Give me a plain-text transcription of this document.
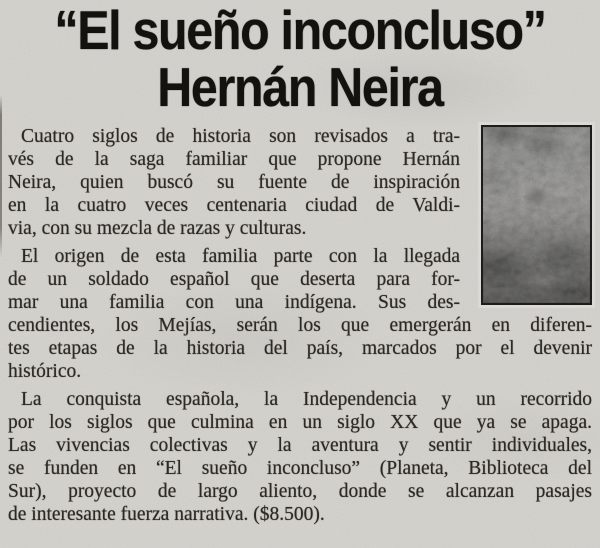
“El sueño inconcluso”
Hernán Neira
Cuatro siglos de historia son revisados a tra-
vés de la saga familiar que propone Hernán
Neira, quien buscó su fuente de inspiración
en la cuatro veces centenaria ciudad de Valdi-
via, con su mezcla de razas y culturas.
El origen de esta familia parte con la llegada
de un soldado español que deserta para for-
mar una familia con una indígena. Sus des-
cendientes, los Mejías, serán los que emergerán en diferen-
tes etapas de la historia del país, marcados por el devenir
histórico.
La conquista española, la Independencia y un recorrido
por los siglos que culmina en un siglo XX que ya se apaga.
Las vivencias colectivas y la aventura y sentir individuales,
se funden en “El sueño inconcluso” (Planeta, Biblioteca del
Sur), proyecto de largo aliento, donde se alcanzan pasajes
de interesante fuerza narrativa. ($8.500).
